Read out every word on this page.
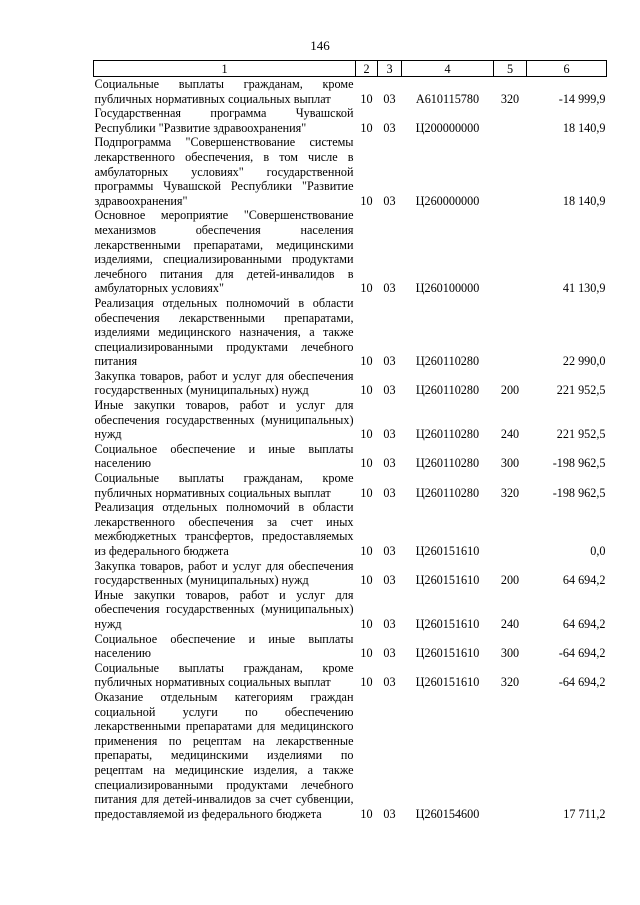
146
1	2	3	4	5	6
Социальные выплаты гражданам, кроме публичных нормативных социальных выплат	10	03	А610115780	320	-14 999,9
Государственная программа Чувашской Республики "Развитие здравоохранения"	10	03	Ц200000000		18 140,9
Подпрограмма "Совершенствование системы лекарственного обеспечения, в том числе в амбулаторных условиях" государственной программы Чувашской Республики "Развитие здравоохранения"	10	03	Ц260000000		18 140,9
Основное мероприятие "Совершенствование механизмов обеспечения населения лекарственными препаратами, медицинскими изделиями, специализированными продуктами лечебного питания для детей-инвалидов в амбулаторных условиях"	10	03	Ц260100000		41 130,9
Реализация отдельных полномочий в области обеспечения лекарственными препаратами, изделиями медицинского назначения, а также специализированными продуктами лечебного питания	10	03	Ц260110280		22 990,0
Закупка товаров, работ и услуг для обеспечения государственных (муниципальных) нужд	10	03	Ц260110280	200	221 952,5
Иные закупки товаров, работ и услуг для обеспечения государственных (муниципальных) нужд	10	03	Ц260110280	240	221 952,5
Социальное обеспечение и иные выплаты населению	10	03	Ц260110280	300	-198 962,5
Социальные выплаты гражданам, кроме публичных нормативных социальных выплат	10	03	Ц260110280	320	-198 962,5
Реализация отдельных полномочий в области лекарственного обеспечения за счет иных межбюджетных трансфертов, предоставляемых из федерального бюджета	10	03	Ц260151610		0,0
Закупка товаров, работ и услуг для обеспечения государственных (муниципальных) нужд	10	03	Ц260151610	200	64 694,2
Иные закупки товаров, работ и услуг для обеспечения государственных (муниципальных) нужд	10	03	Ц260151610	240	64 694,2
Социальное обеспечение и иные выплаты населению	10	03	Ц260151610	300	-64 694,2
Социальные выплаты гражданам, кроме публичных нормативных социальных выплат	10	03	Ц260151610	320	-64 694,2
Оказание отдельным категориям граждан социальной услуги по обеспечению лекарственными препаратами для медицинского применения по рецептам на лекарственные препараты, медицинскими изделиями по рецептам на медицинские изделия, а также специализированными продуктами лечебного питания для детей-инвалидов за счет субвенции, предоставляемой из федерального бюджета	10	03	Ц260154600		17 711,2
